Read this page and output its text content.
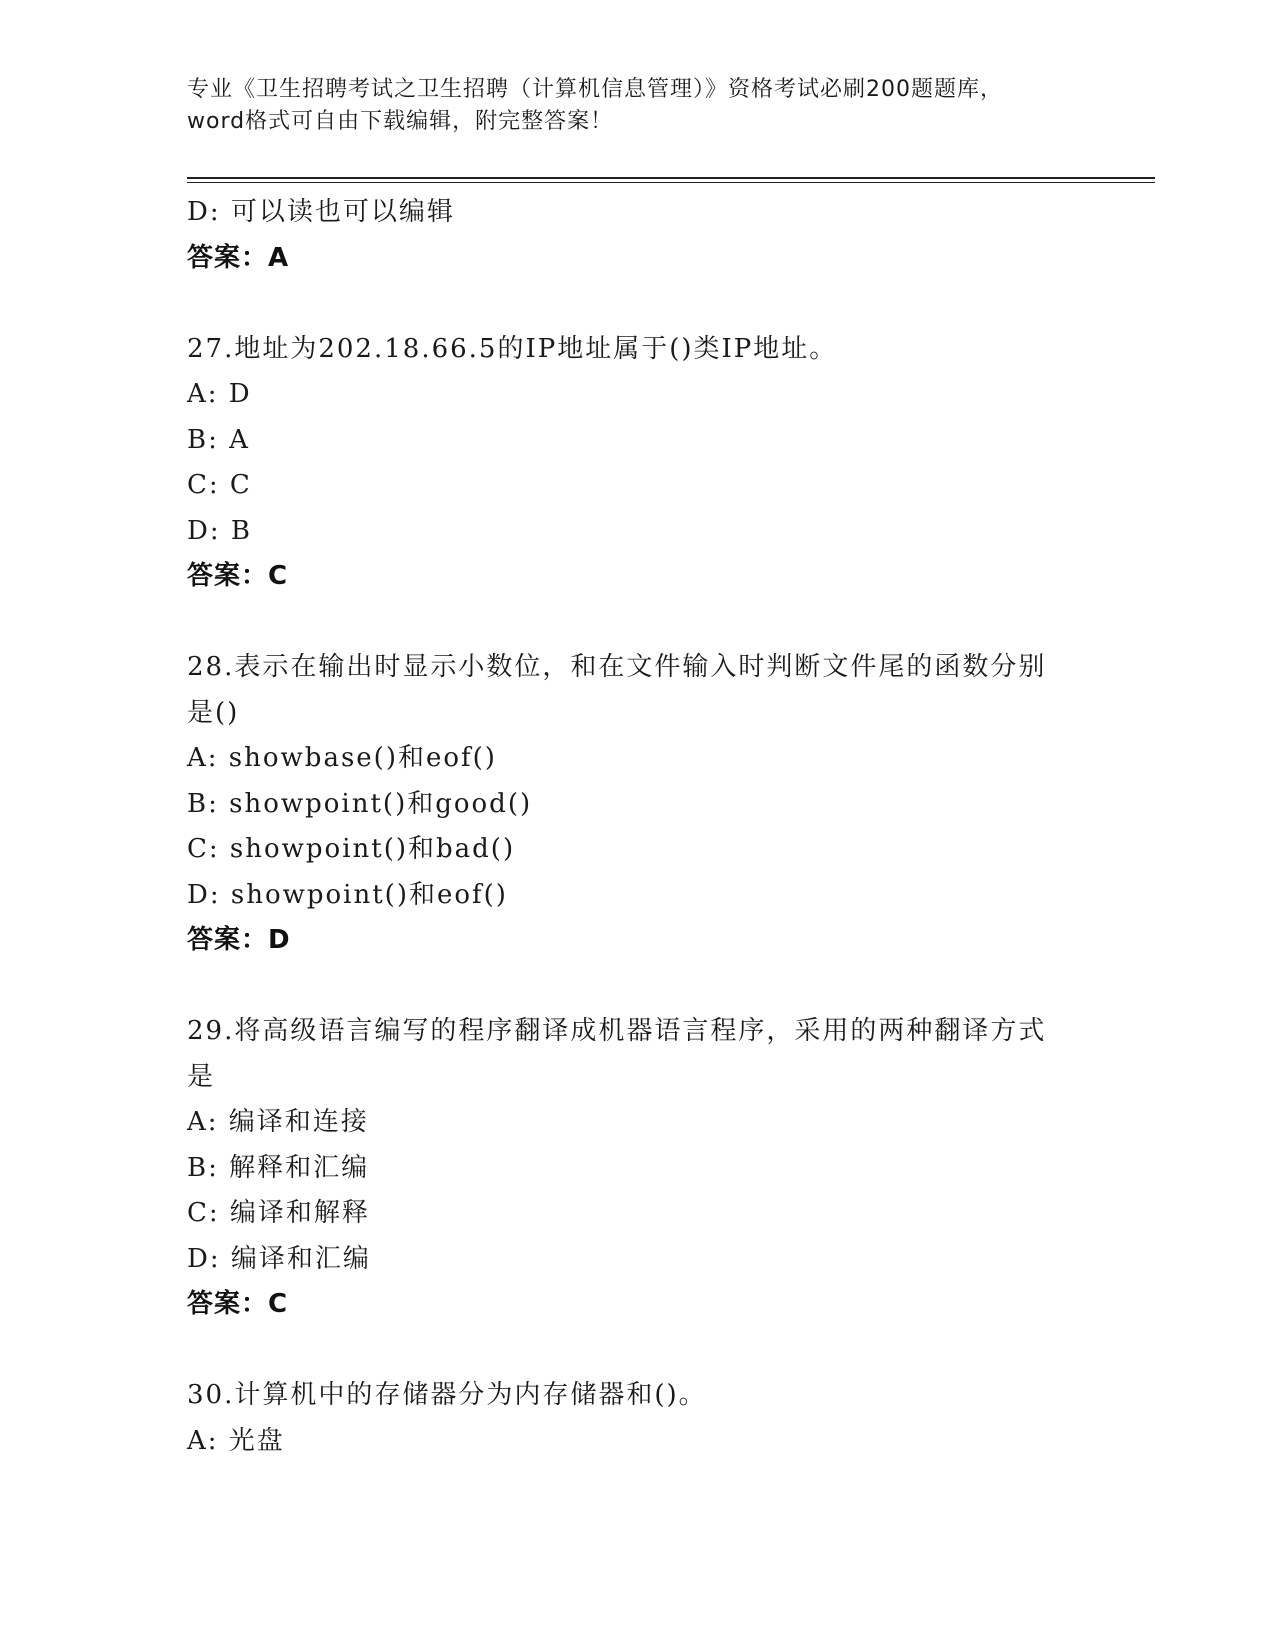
专业《卫生招聘考试之卫生招聘（计算机信息管理）》资格考试必刷200题题库，
word格式可自由下载编辑，附完整答案！
D: 可以读也可以编辑
答案：A
27.地址为202.18.66.5的IP地址属于()类IP地址。
A: D
B: A
C: C
D: B
答案：C
28.表示在输出时显示小数位，和在文件输入时判断文件尾的函数分别
是()
A: showbase()和eof()
B: showpoint()和good()
C: showpoint()和bad()
D: showpoint()和eof()
答案：D
29.将高级语言编写的程序翻译成机器语言程序，采用的两种翻译方式
是
A: 编译和连接
B: 解释和汇编
C: 编译和解释
D: 编译和汇编
答案：C
30.计算机中的存储器分为内存储器和()。
A: 光盘
